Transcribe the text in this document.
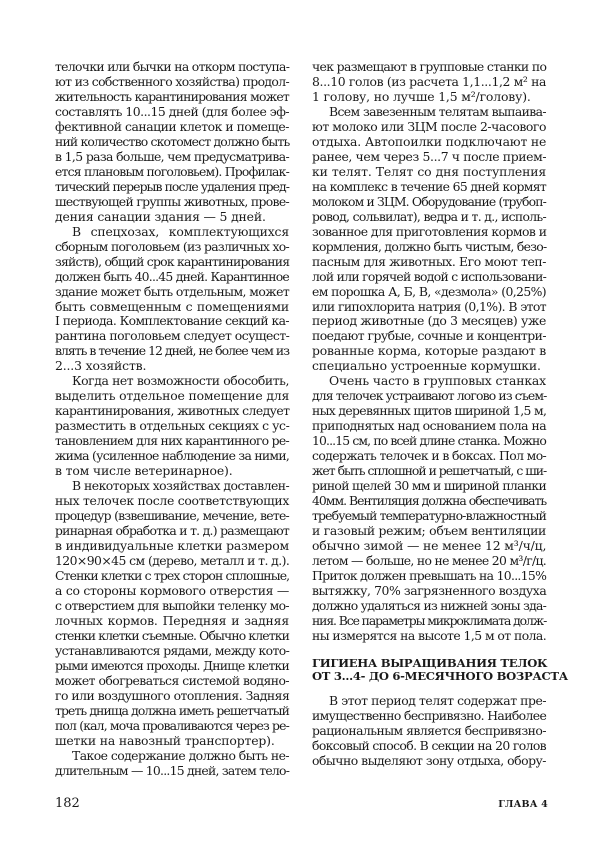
телочки или бычки на откорм поступа-
ют из собственного хозяйства) продол-
жительность карантинирования может
составлять 10...15 дней (для более эф-
фективной санации клеток и помеще-
ний количество скотомест должно быть
в 1,5 раза больше, чем предусматрива-
ется плановым поголовьем). Профилак-
тический перерыв после удаления пред-
шествующей группы животных, прове-
дения санации здания — 5 дней.
В спецхозах, комплектующихся
сборным поголовьем (из различных хо-
зяйств), общий срок карантинирования
должен быть 40...45 дней. Карантинное
здание может быть отдельным, может
быть совмещенным с помещениями
I периода. Комплектование секций ка-
рантина поголовьем следует осущест-
влять в течение 12 дней, не более чем из
2...3 хозяйств.
Когда нет возможности обособить,
выделить отдельное помещение для
карантинирования, животных следует
разместить в отдельных секциях с ус-
тановлением для них карантинного ре-
жима (усиленное наблюдение за ними,
в том числе ветеринарное).
В некоторых хозяйствах доставлен-
ных телочек после соответствующих
процедур (взвешивание, мечение, вете-
ринарная обработка и т. д.) размещают
в индивидуальные клетки размером
120×90×45 см (дерево, металл и т. д.).
Стенки клетки с трех сторон сплошные,
а со стороны кормового отверстия —
с отверстием для выпойки теленку мо-
лочных кормов. Передняя и задняя
стенки клетки съемные. Обычно клетки
устанавливаются рядами, между кото-
рыми имеются проходы. Днище клетки
может обогреваться системой водяно-
го или воздушного отопления. Задняя
треть днища должна иметь решетчатый
пол (кал, моча проваливаются через ре-
шетки на навозный транспортер).
Такое содержание должно быть не-
длительным — 10...15 дней, затем тело-
чек размещают в групповые станки по
8...10 голов (из расчета 1,1...1,2 м² на
1 голову, но лучше 1,5 м²/голову).
Всем завезенным телятам выпаива-
ют молоко или ЗЦМ после 2-часового
отдыха. Автопоилки подключают не
ранее, чем через 5...7 ч после прием-
ки телят. Телят со дня поступления
на комплекс в течение 65 дней кормят
молоком и ЗЦМ. Оборудование (трубоп-
ровод, сольвилат), ведра и т. д., исполь-
зованное для приготовления кормов и
кормления, должно быть чистым, безо-
пасным для животных. Его моют теп-
лой или горячей водой с использовани-
ем порошка А, Б, В, «дезмола» (0,25%)
или гипохлорита натрия (0,1%). В этот
период животные (до 3 месяцев) уже
поедают грубые, сочные и концентри-
рованные корма, которые раздают в
специально устроенные кормушки.
Очень часто в групповых станках
для телочек устраивают логово из съем-
ных деревянных щитов шириной 1,5 м,
приподнятых над основанием пола на
10...15 см, по всей длине станка. Можно
содержать телочек и в боксах. Пол мо-
жет быть сплошной и решетчатый, с ши-
риной щелей 30 мм и шириной планки
40мм. Вентиляция должна обеспечивать
требуемый температурно-влажностный
и газовый режим; объем вентиляции
обычно зимой — не менее 12 м³/ч/ц,
летом — больше, но не менее 20 м³/г/ц.
Приток должен превышать на 10...15%
вытяжку, 70% загрязненного воздуха
должно удаляться из нижней зоны зда-
ния. Все параметры микроклимата долж-
ны измерятся на высоте 1,5 м от пола.
ГИГИЕНА ВЫРАЩИВАНИЯ ТЕЛОК
ОТ 3...4- ДО 6-МЕСЯЧНОГО ВОЗРАСТА
В этот период телят содержат пре-
имущественно беспривязно. Наиболее
рациональным является беспривязно-
боксовый способ. В секции на 20 голов
обычно выделяют зону отдыха, обору-
182	ГЛАВА 4
